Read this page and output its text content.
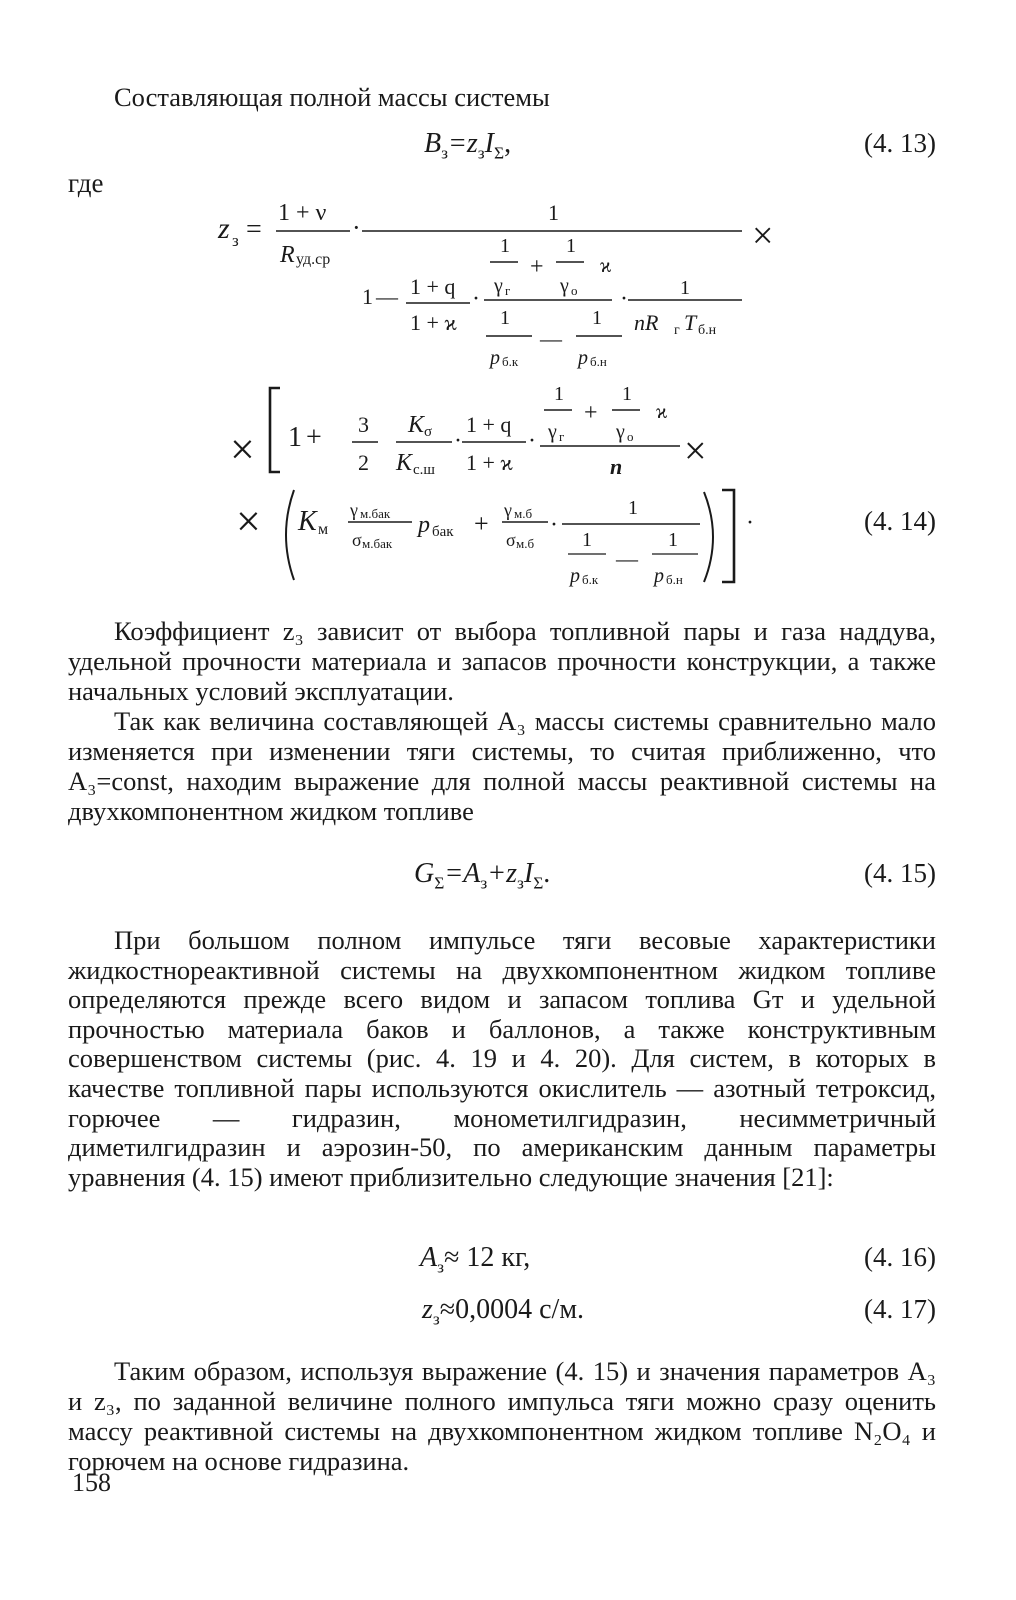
Составляющая полной массы системы

$B_з=z_зI_\Sigma$,	(4. 13)
где
z з =
1 + ν
R уд.ср
·
1
×
1
γ г
+
1
γ о
ϰ
1 — 1 + q
1 + ϰ
·	·	1
nR г T б.н
1
p б.к
—
1
p б.н
× 1 + 3
2
K σ
K с.ш
·
1 + q
1 + ϰ
·
1
γ г
+
1
γ о
ϰ
n ×
× K м
γ м.бак
σ м.бак
p бак + γ м.б
σ м.б
·
1
1
p б.к
—
1
p б.н
·	(4. 14)

Коэффициент z₃ зависит от выбора топливной пары и газа наддува, удельной прочности материала и запасов прочности конструкции, а также начальных условий эксплуатации.

Так как величина составляющей A₃ массы системы сравнительно мало изменяется при изменении тяги системы, то считая приближенно, что A₃=const, находим выражение для полной массы реактивной системы на двухкомпонентном жидком топливе

$G_\Sigma=A_з+z_зI_\Sigma$.	(4. 15)

При большом полном импульсе тяги весовые характеристики жидкостнореактивной системы на двухкомпонентном жидком топливе определяются прежде всего видом и запасом топлива Gт и удельной прочностью материала баков и баллонов, а также конструктивным совершенством системы (рис. 4. 19 и 4. 20). Для систем, в которых в качестве топливной пары используются окислитель — азотный тетроксид, горючее — гидразин, монометилгидразин, несимметричный диметилгидразин и аэрозин-50, по американским данным параметры уравнения (4. 15) имеют приблизительно следующие значения [21]:

$A_з\approx 12$ кг,	(4. 16)
$z_з\approx 0,0004$ с/м.	(4. 17)

Таким образом, используя выражение (4. 15) и значения параметров A₃ и z₃, по заданной величине полного импульса тяги можно сразу оценить массу реактивной системы на двухкомпонентном жидком топливе N₂O₄ и горючем на основе гидразина.

158
